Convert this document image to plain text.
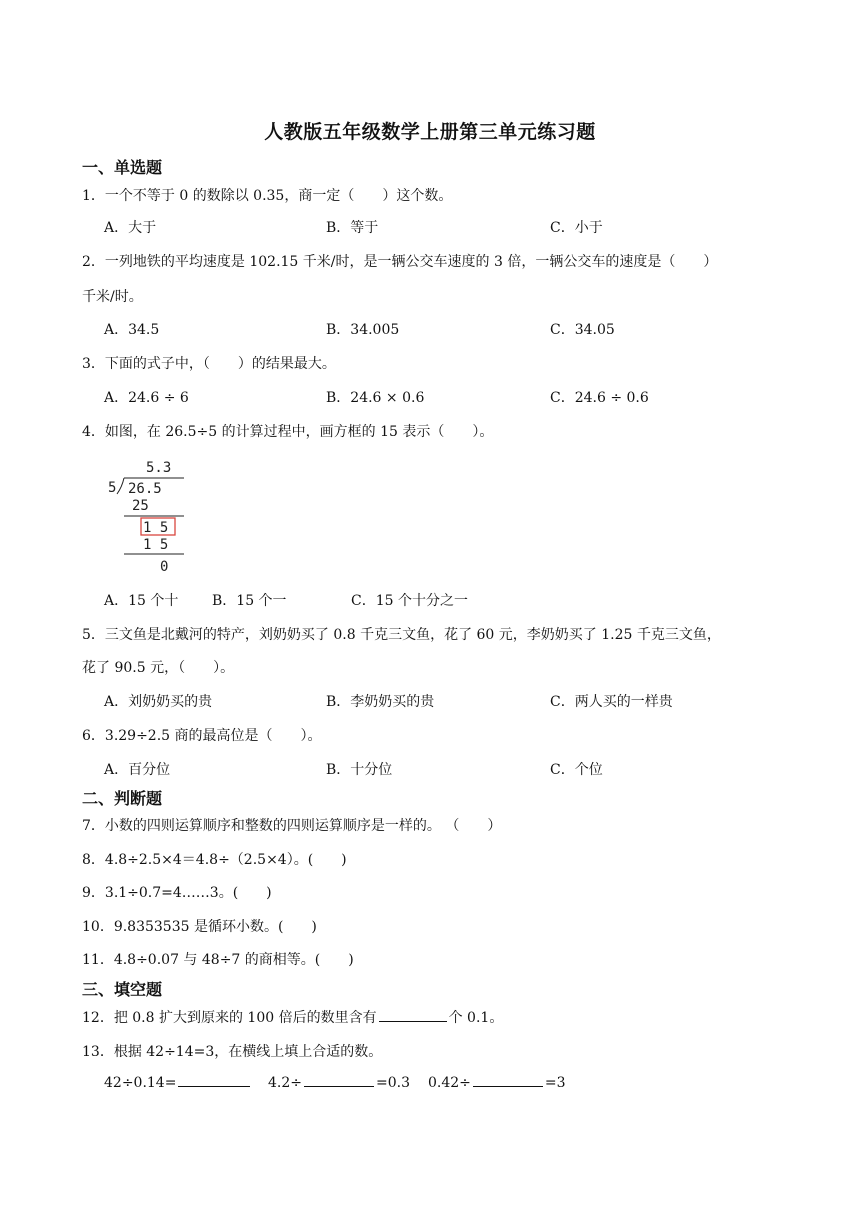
人教版五年级数学上册第三单元练习题
一、单选题
1．一个不等于 0 的数除以 0.35，商一定（　　）这个数。
A．大于	B．等于	C．小于
2．一列地铁的平均速度是 102.15 千米/时，是一辆公交车速度的 3 倍，一辆公交车的速度是（　　）
千米/时。
A．34.5	B．34.005	C．34.05
3．下面的式子中，（　　）的结果最大。
A．24.6 ÷ 6	B．24.6 × 0.6	C．24.6 ÷ 0.6
4．如图，在 26.5÷5 的计算过程中，画方框的 15 表示（　　）。
5.3
5 26.5
25
1 5
1 5
0
A．15 个十 B．15 个一	C．15 个十分之一
5．三文鱼是北戴河的特产，刘奶奶买了 0.8 千克三文鱼，花了 60 元，李奶奶买了 1.25 千克三文鱼，
花了 90.5 元，（　　）。
A．刘奶奶买的贵	B．李奶奶买的贵	C．两人买的一样贵
6．3.29÷2.5 商的最高位是（　　）。
A．百分位	B．十分位	C．个位
二、判断题
7．小数的四则运算顺序和整数的四则运算顺序是一样的。 （　　）
8．4.8÷2.5×4＝4.8÷（2.5×4）。(　　)
9．3.1÷0.7=4……3。(　　)
10．9.8353535 是循环小数。(　　)
11．4.8÷0.07 与 48÷7 的商相等。(　　)
三、填空题
12．把 0.8 扩大到原来的 100 倍后的数里含有	个 0.1。
13．根据 42÷14=3，在横线上填上合适的数。
42÷0.14=	4.2÷	=0.3 0.42÷	=3
